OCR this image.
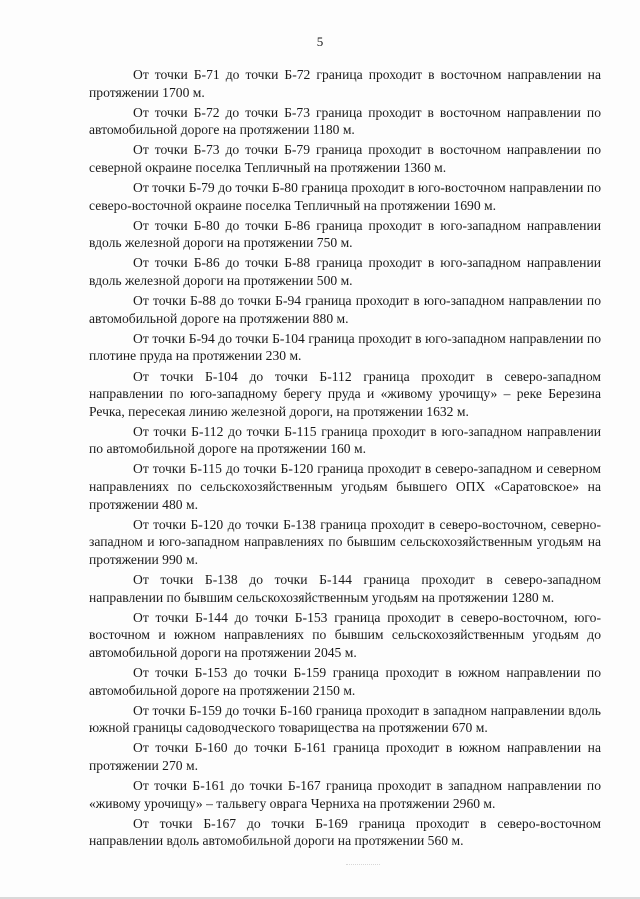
5

От точки Б-71 до точки Б-72 граница проходит в восточном направлении на протяжении 1700 м.

От точки Б-72 до точки Б-73 граница проходит в восточном направлении по автомобильной дороге на протяжении 1180 м.

От точки Б-73 до точки Б-79 граница проходит в восточном направлении по северной окраине поселка Тепличный на протяжении 1360 м.

От точки Б-79 до точки Б-80 граница проходит в юго-восточном направлении по северо-восточной окраине поселка Тепличный на протяжении 1690 м.

От точки Б-80 до точки Б-86 граница проходит в юго-западном направлении вдоль железной дороги на протяжении 750 м.

От точки Б-86 до точки Б-88 граница проходит в юго-западном направлении вдоль железной дороги на протяжении 500 м.

От точки Б-88 до точки Б-94 граница проходит в юго-западном направлении по автомобильной дороге на протяжении 880 м.

От точки Б-94 до точки Б-104 граница проходит в юго-западном направлении по плотине пруда на протяжении 230 м.

От точки Б-104 до точки Б-112 граница проходит в северо-западном направлении по юго-западному берегу пруда и «живому урочищу» – реке Березина Речка, пересекая линию железной дороги, на протяжении 1632 м.

От точки Б-112 до точки Б-115 граница проходит в юго-западном направлении по автомобильной дороге на протяжении 160 м.

От точки Б-115 до точки Б-120 граница проходит в северо-западном и северном направлениях по сельскохозяйственным угодьям бывшего ОПХ «Саратовское» на протяжении 480 м.

От точки Б-120 до точки Б-138 граница проходит в северо-восточном, северно-западном и юго-западном направлениях по бывшим сельскохозяйственным угодьям на протяжении 990 м.

От точки Б-138 до точки Б-144 граница проходит в северо-западном направлении по бывшим сельскохозяйственным угодьям на протяжении 1280 м.

От точки Б-144 до точки Б-153 граница проходит в северо-восточном, юго-восточном и южном направлениях по бывшим сельскохозяйственным угодьям до автомобильной дороги на протяжении 2045 м.

От точки Б-153 до точки Б-159 граница проходит в южном направлении по автомобильной дороге на протяжении 2150 м.

От точки Б-159 до точки Б-160 граница проходит в западном направлении вдоль южной границы садоводческого товарищества на протяжении 670 м.

От точки Б-160 до точки Б-161 граница проходит в южном направлении на протяжении 270 м.

От точки Б-161 до точки Б-167 граница проходит в западном направлении по «живому урочищу» – тальвегу оврага Черниха на протяжении 2960 м.

От точки Б-167 до точки Б-169 граница проходит в северо-восточном направлении вдоль автомобильной дороги на протяжении 560 м.
